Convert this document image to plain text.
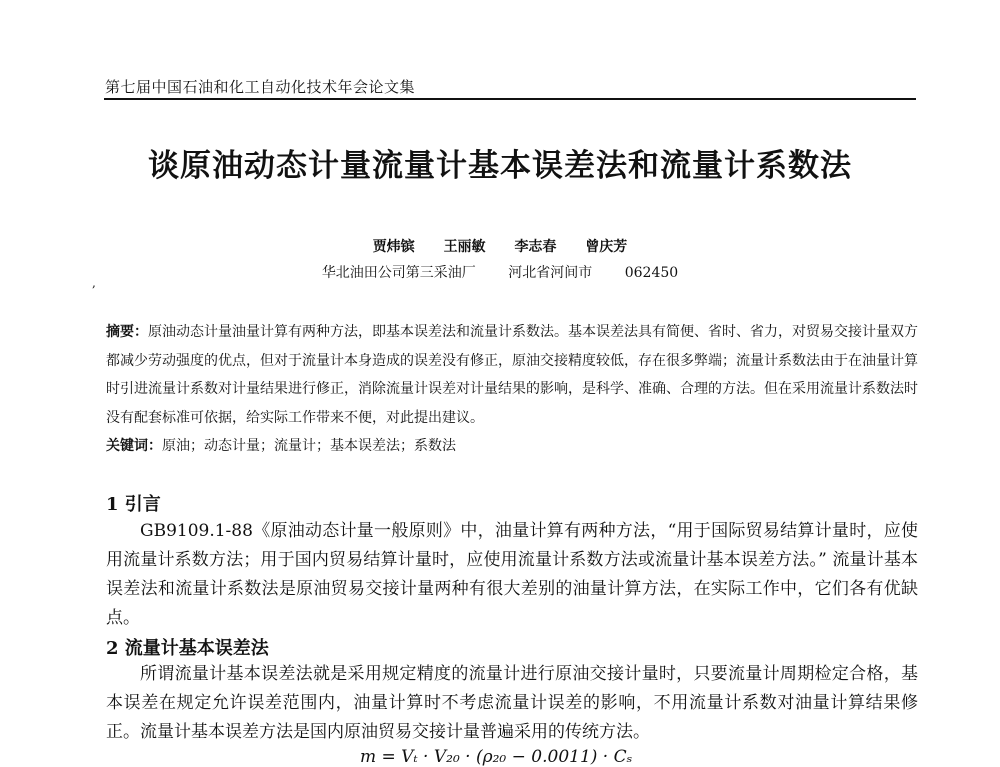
第七届中国石油和化工自动化技术年会论文集
谈原油动态计量流量计基本误差法和流量计系数法
贾炜镔 王丽敏 李志春 曾庆芳
华北油田公司第三采油厂 河北省河间市 062450
,
摘要：原油动态计量油量计算有两种方法，即基本误差法和流量计系数法。基本误差法具有简便、省时、省力，对贸易交接计量双方都减少劳动强度的优点，但对于流量计本身造成的误差没有修正，原油交接精度较低，存在很多弊端；流量计系数法由于在油量计算时引进流量计系数对计量结果进行修正，消除流量计误差对计量结果的影响，是科学、准确、合理的方法。但在采用流量计系数法时没有配套标准可依据，给实际工作带来不便，对此提出建议。
关键词：原油；动态计量；流量计；基本误差法；系数法
1 引言
GB9109.1-88《原油动态计量一般原则》中，油量计算有两种方法，“用于国际贸易结算计量时，应使用流量计系数方法；用于国内贸易结算计量时，应使用流量计系数方法或流量计基本误差方法。” 流量计基本误差法和流量计系数法是原油贸易交接计量两种有很大差别的油量计算方法，在实际工作中，它们各有优缺点。
2 流量计基本误差法
所谓流量计基本误差法就是采用规定精度的流量计进行原油交接计量时，只要流量计周期检定合格，基本误差在规定允许误差范围内，油量计算时不考虑流量计误差的影响，不用流量计系数对油量计算结果修正。流量计基本误差方法是国内原油贸易交接计量普遍采用的传统方法。
m = Vₜ · V₂₀ · (ρ₂₀ − 0.0011) · Cₛ
